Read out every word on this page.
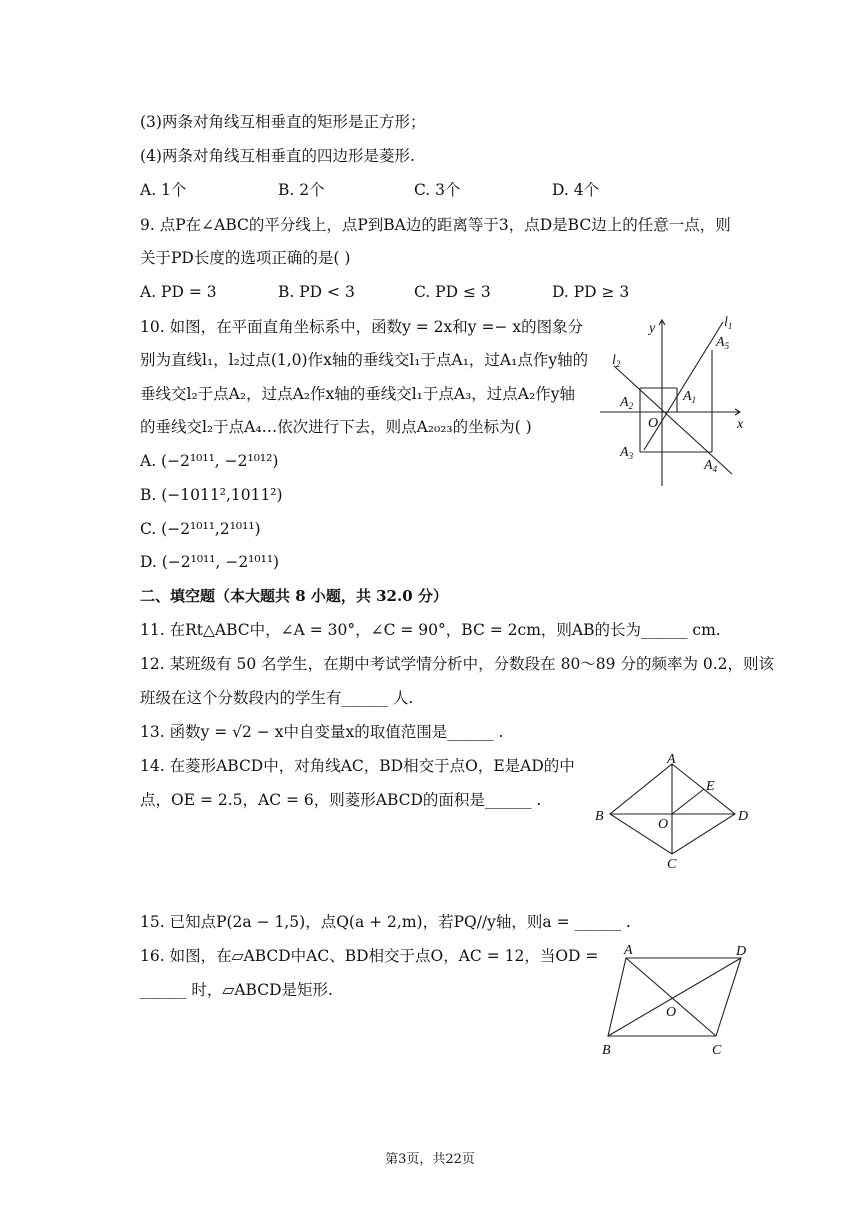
(3)两条对角线互相垂直的矩形是正方形；
(4)两条对角线互相垂直的四边形是菱形.
A. 1个	B. 2个	C. 3个	D. 4个
9. 点P在∠ABC的平分线上，点P到BA边的距离等于3，点D是BC边上的任意一点，则
关于PD长度的选项正确的是( )
A. PD = 3	B. PD < 3	C. PD ≤ 3	D. PD ≥ 3
10. 如图，在平面直角坐标系中，函数y = 2x和y =− x的图象分
别为直线l₁，l₂过点(1,0)作x轴的垂线交l₁于点A₁，过A₁点作y轴的
垂线交l₂于点A₂，过点A₂作x轴的垂线交l₁于点A₃，过点A₂作y轴
的垂线交l₂于点A₄…依次进行下去，则点A₂₀₂₃的坐标为( )
A. (−2¹⁰¹¹, −2¹⁰¹²)
B. (−1011²,1011²)
C. (−2¹⁰¹¹,2¹⁰¹¹)
D. (−2¹⁰¹¹, −2¹⁰¹¹)
y
x
$l_1$
$l_2$
$A_1$
$A_2$
$A_3$
$A_4$
$A_5$
O
二、填空题（本大题共 8 小题，共 32.0 分）
11. 在Rt△ABC中，∠A = 30°，∠C = 90°，BC = 2cm，则AB的长为______ cm.
12. 某班级有 50 名学生，在期中考试学情分析中，分数段在 80～89 分的频率为 0.2，则该
班级在这个分数段内的学生有______ 人.
13. 函数y = √2 − x中自变量x的取值范围是______ .
14. 在菱形ABCD中，对角线AC，BD相交于点O，E是AD的中
点，OE = 2.5，AC = 6，则菱形ABCD的面积是______ .
A
B
C
D
E
O
15. 已知点P(2a − 1,5)，点Q(a + 2,m)，若PQ//y轴，则a = ______ .
16. 如图，在▱ABCD中AC、BD相交于点O，AC = 12，当OD =
______ 时，▱ABCD是矩形.
A	D
B	C
O
第3页，共22页
